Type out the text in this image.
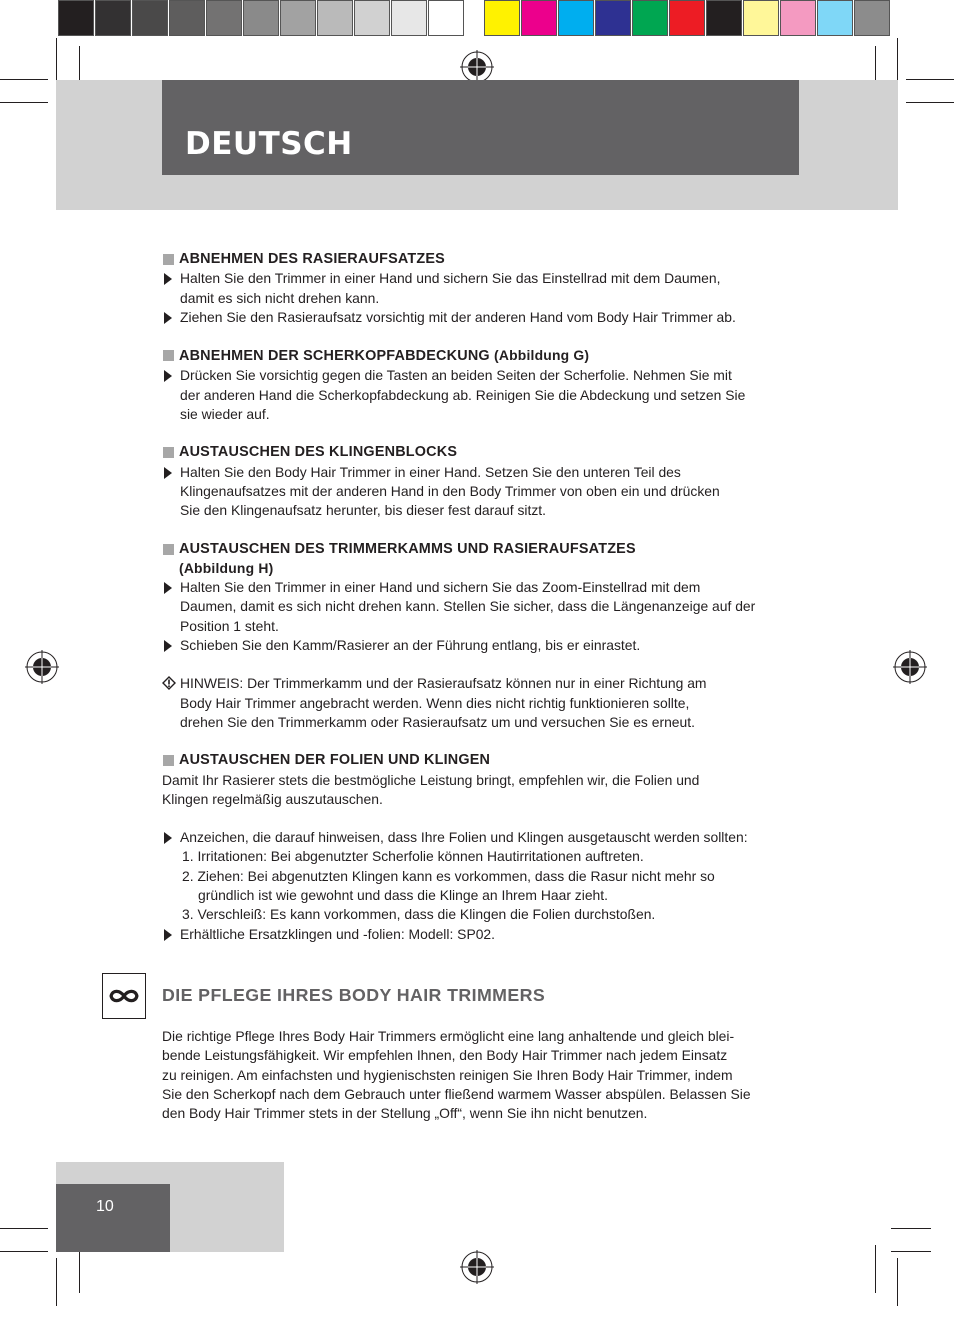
DEUTSCH
ABNEHMEN DES RASIERAUFSATZES
Halten Sie den Trimmer in einer Hand und sichern Sie das Einstellrad mit dem Daumen,
damit es sich nicht drehen kann.
Ziehen Sie den Rasieraufsatz vorsichtig mit der anderen Hand vom Body Hair Trimmer ab.
ABNEHMEN DER SCHERKOPFABDECKUNG (Abbildung G)
Drücken Sie vorsichtig gegen die Tasten an beiden Seiten der Scherfolie. Nehmen Sie mit
der anderen Hand die Scherkopfabdeckung ab. Reinigen Sie die Abdeckung und setzen Sie
sie wieder auf.
AUSTAUSCHEN DES KLINGENBLOCKS
Halten Sie den Body Hair Trimmer in einer Hand. Setzen Sie den unteren Teil des
Klingenaufsatzes mit der anderen Hand in den Body Trimmer von oben ein und drücken
Sie den Klingenaufsatz herunter, bis dieser fest darauf sitzt.
AUSTAUSCHEN DES TRIMMERKAMMS UND RASIERAUFSATZES
(Abbildung H)
Halten Sie den Trimmer in einer Hand und sichern Sie das Zoom-Einstellrad mit dem
Daumen, damit es sich nicht drehen kann. Stellen Sie sicher, dass die Längenanzeige auf der
Position 1 steht.
Schieben Sie den Kamm/Rasierer an der Führung entlang, bis er einrastet.
HINWEIS: Der Trimmerkamm und der Rasieraufsatz können nur in einer Richtung am
Body Hair Trimmer angebracht werden. Wenn dies nicht richtig funktionieren sollte,
drehen Sie den Trimmerkamm oder Rasieraufsatz um und versuchen Sie es erneut.
AUSTAUSCHEN DER FOLIEN UND KLINGEN
Damit Ihr Rasierer stets die bestmögliche Leistung bringt, empfehlen wir, die Folien und
Klingen regelmäßig auszutauschen.
Anzeichen, die darauf hinweisen, dass Ihre Folien und Klingen ausgetauscht werden sollten:
1. Irritationen: Bei abgenutzter Scherfolie können Hautirritationen auftreten.
2. Ziehen: Bei abgenutzten Klingen kann es vorkommen, dass die Rasur nicht mehr so
gründlich ist wie gewohnt und dass die Klinge an Ihrem Haar zieht.
3. Verschleiß: Es kann vorkommen, dass die Klingen die Folien durchstoßen.
Erhältliche Ersatzklingen und -folien: Modell: SP02.
DIE PFLEGE IHRES BODY HAIR TRIMMERS
Die richtige Pflege Ihres Body Hair Trimmers ermöglicht eine lang anhaltende und gleich blei-
bende Leistungsfähigkeit. Wir empfehlen Ihnen, den Body Hair Trimmer nach jedem Einsatz
zu reinigen. Am einfachsten und hygienischsten reinigen Sie Ihren Body Hair Trimmer, indem
Sie den Scherkopf nach dem Gebrauch unter fließend warmem Wasser abspülen. Belassen Sie
den Body Hair Trimmer stets in der Stellung „Off“, wenn Sie ihn nicht benutzen.
10
